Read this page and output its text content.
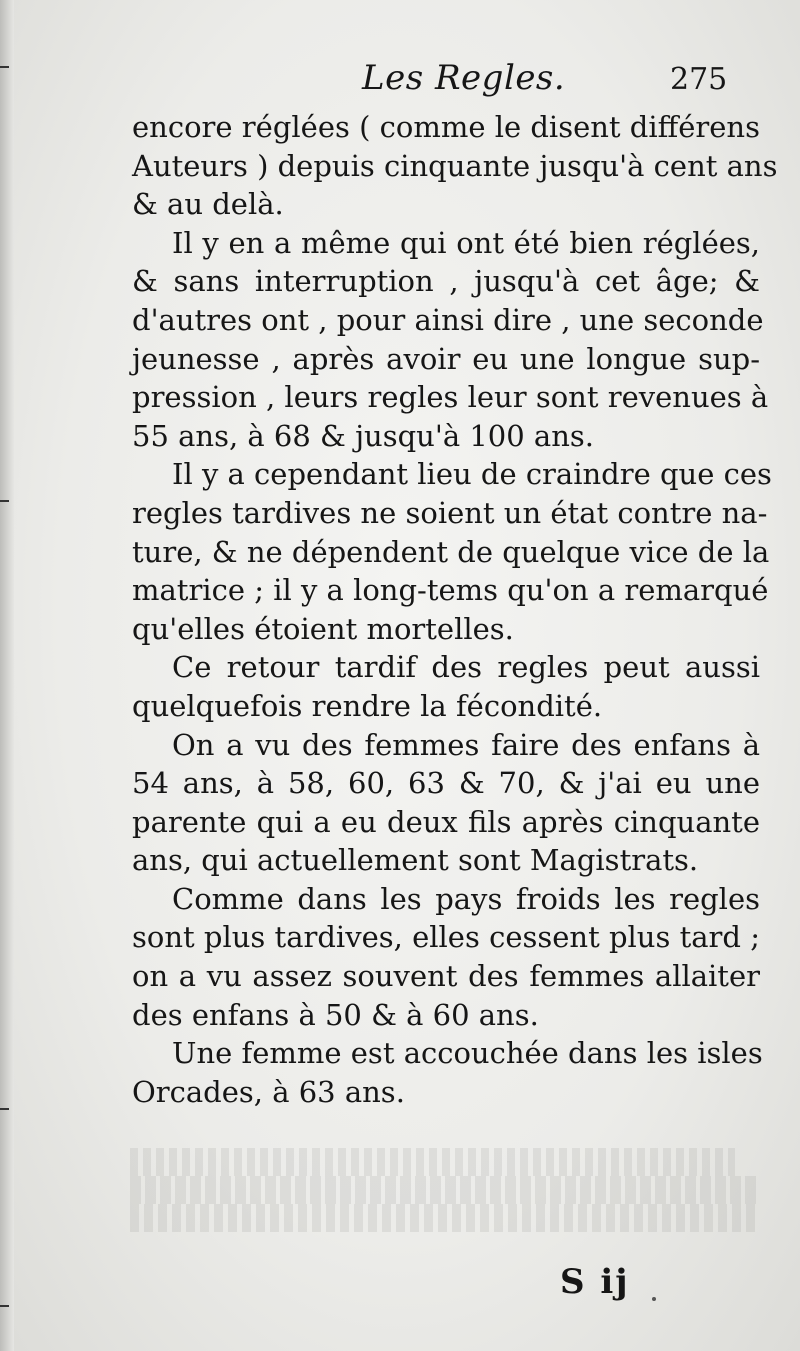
Les Regles.	275
encore réglées ( comme le disent différens
Auteurs ) depuis cinquante jusqu'à cent ans
& au delà.
Il y en a même qui ont été bien réglées,
& sans interruption , jusqu'à cet âge; &
d'autres ont , pour ainsi dire , une seconde
jeunesse , après avoir eu une longue sup-
pression , leurs regles leur sont revenues à
55 ans, à 68 & jusqu'à 100 ans.
Il y a cependant lieu de craindre que ces
regles tardives ne soient un état contre na-
ture, & ne dépendent de quelque vice de la
matrice ; il y a long-tems qu'on a remarqué
qu'elles étoient mortelles.
Ce retour tardif des regles peut aussi
quelquefois rendre la fécondité.
On a vu des femmes faire des enfans à
54 ans, à 58, 60, 63 & 70, & j'ai eu une
parente qui a eu deux fils après cinquante
ans, qui actuellement sont Magistrats.
Comme dans les pays froids les regles
sont plus tardives, elles cessent plus tard ;
on a vu assez souvent des femmes allaiter
des enfans à 50 & à 60 ans.
Une femme est accouchée dans les isles
Orcades, à 63 ans.
S ij
